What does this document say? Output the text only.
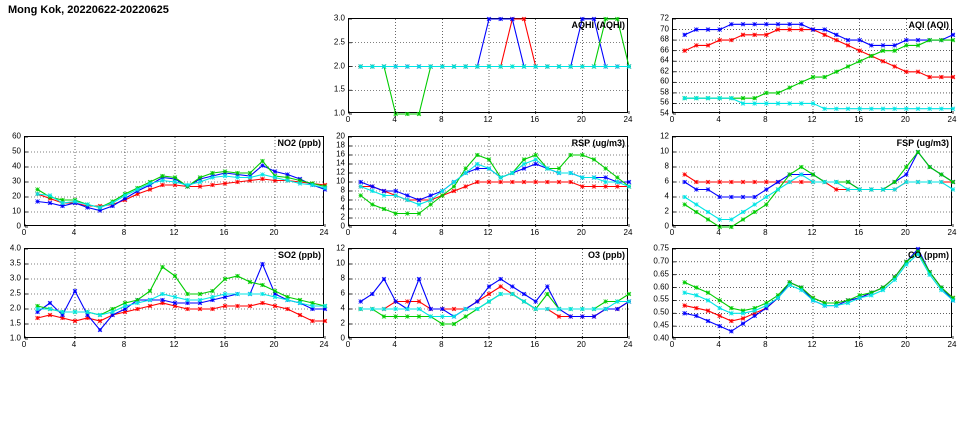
Mong Kok, 20220622-20220625
AQHI (AQHI)
0	4	8	12	16	20	24
1.0
1.5
2.0
2.5
3.0
AQI (AQI)
0	4	8	12	16	20	24
54
56
58
60
62
64
66
68
70
72
NO2 (ppb)
0	4	8	12	16	20	24
0
10
20
30
40
50
60
RSP (ug/m3)
0	4	8	12	16	20	24
0
2
4
6
8
10
12
14
16
18
20
FSP (ug/m3)
0	4	8	12	16	20	24
0
2
4
6
8
10
12
SO2 (ppb)
0	4	8	12	16	20	24
1.0
1.5
2.0
2.5
3.0
3.5
4.0
O3 (ppb)
0	4	8	12	16	20	24
0
2
4
6
8
10
12
CO (ppm)
0	4	8	12	16	20	24
0.40
0.45
0.50
0.55
0.60
0.65
0.70
0.75
